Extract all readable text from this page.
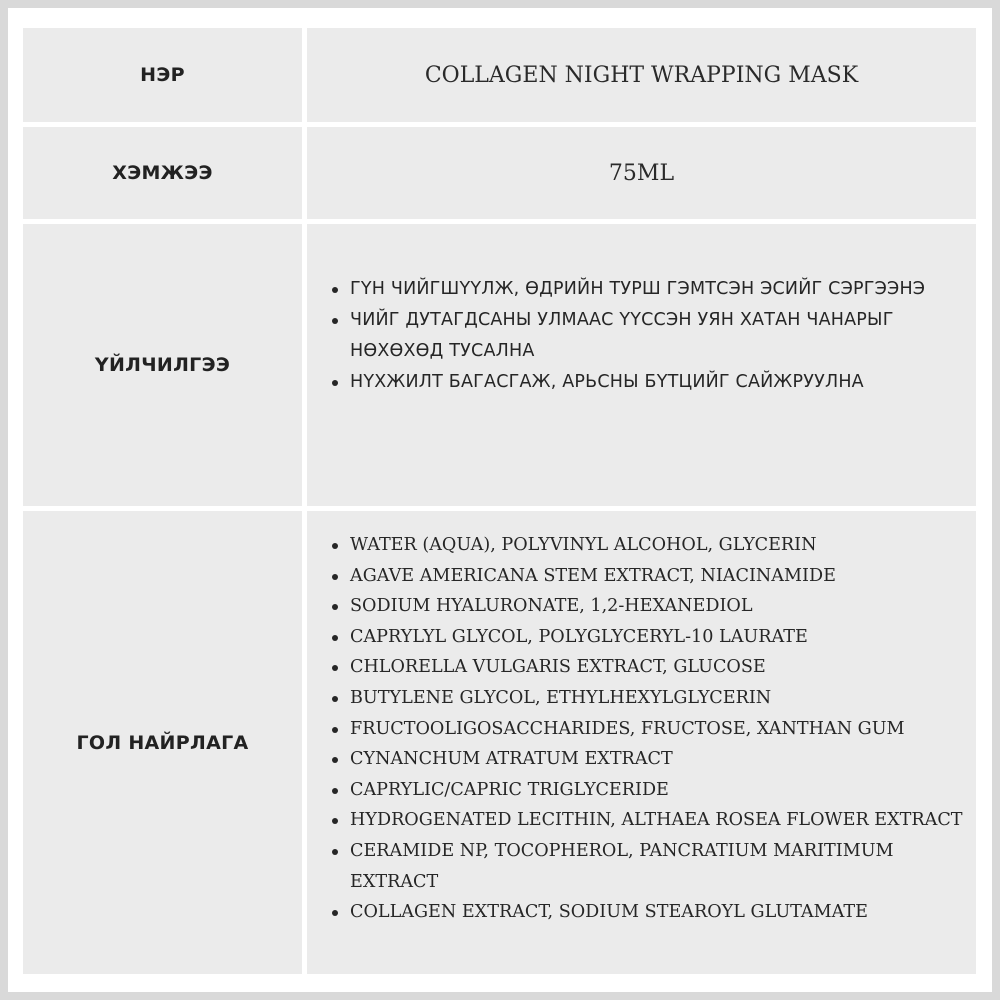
НЭР	COLLAGEN NIGHT WRAPPING MASK
ХЭМЖЭЭ	75ML
ҮЙЛЧИЛГЭЭ
ГҮН ЧИЙГШҮҮЛЖ, ӨДРИЙН ТУРШ ГЭМТСЭН ЭСИЙГ СЭРГЭЭНЭ
ЧИЙГ ДУТАГДСАНЫ УЛМААС ҮҮССЭН УЯН ХАТАН ЧАНАРЫГ НӨХӨХӨД ТУСАЛНА
НҮХЖИЛТ БАГАСГАЖ, АРЬСНЫ БҮТЦИЙГ САЙЖРУУЛНА
ГОЛ НАЙРЛАГА
WATER (AQUA), POLYVINYL ALCOHOL, GLYCERIN
AGAVE AMERICANA STEM EXTRACT, NIACINAMIDE
SODIUM HYALURONATE, 1,2-HEXANEDIOL
CAPRYLYL GLYCOL, POLYGLYCERYL-10 LAURATE
CHLORELLA VULGARIS EXTRACT, GLUCOSE
BUTYLENE GLYCOL, ETHYLHEXYLGLYCERIN
FRUCTOOLIGOSACCHARIDES, FRUCTOSE, XANTHAN GUM
CYNANCHUM ATRATUM EXTRACT
CAPRYLIC/CAPRIC TRIGLYCERIDE
HYDROGENATED LECITHIN, ALTHAEA ROSEA FLOWER EXTRACT
CERAMIDE NP, TOCOPHEROL, PANCRATIUM MARITIMUM EXTRACT
COLLAGEN EXTRACT, SODIUM STEAROYL GLUTAMATE
